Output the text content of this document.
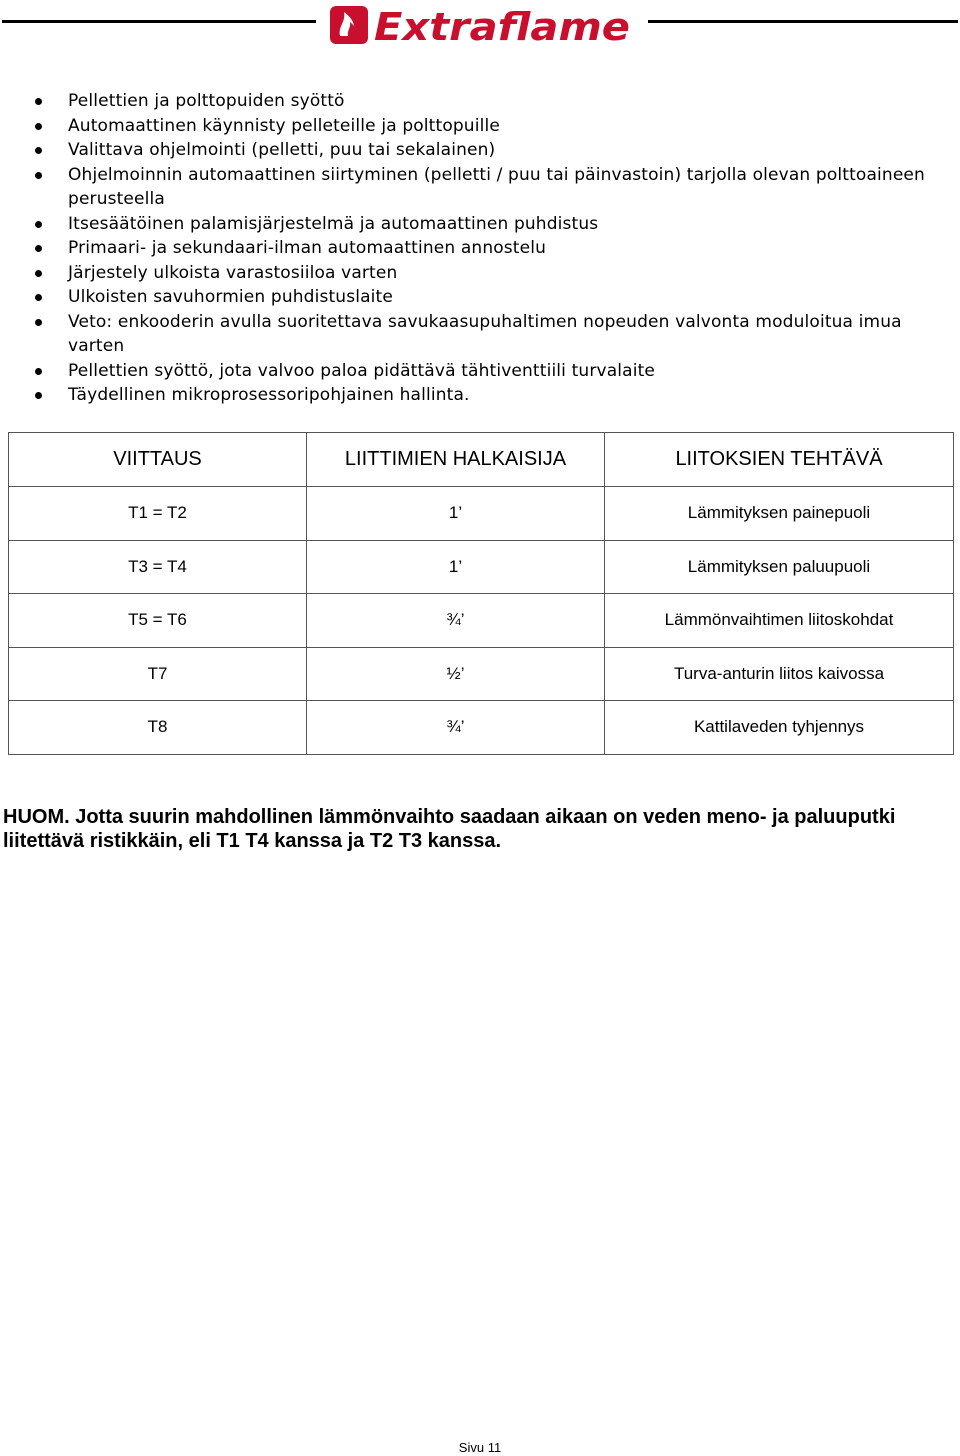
Extraflame
Pellettien ja polttopuiden syöttö
Automaattinen käynnisty pelleteille ja polttopuille
Valittava ohjelmointi (pelletti, puu tai sekalainen)
Ohjelmoinnin automaattinen siirtyminen (pelletti / puu tai päinvastoin) tarjolla olevan polttoaineen perusteella
Itsesäätöinen palamisjärjestelmä ja automaattinen puhdistus
Primaari- ja sekundaari-ilman automaattinen annostelu
Järjestely ulkoista varastosiiloa varten
Ulkoisten savuhormien puhdistuslaite
Veto: enkooderin avulla suoritettava savukaasupuhaltimen nopeuden valvonta moduloitua imua varten
Pellettien syöttö, jota valvoo paloa pidättävä tähtiventtiili turvalaite
Täydellinen mikroprosessoripohjainen hallinta.
VIITTAUS	LIITTIMIEN HALKAISIJA	LIITOKSIEN TEHTÄVÄ
T1 = T2	1’	Lämmityksen painepuoli
T3 = T4	1’	Lämmityksen paluupuoli
T5 = T6	¾’	Lämmönvaihtimen liitoskohdat
T7	½’	Turva-anturin liitos kaivossa
T8	¾’	Kattilaveden tyhjennys

HUOM. Jotta suurin mahdollinen lämmönvaihto saadaan aikaan on veden meno- ja paluuputki liitettävä ristikkäin, eli T1 T4 kanssa ja T2 T3 kanssa.

Sivu 11
